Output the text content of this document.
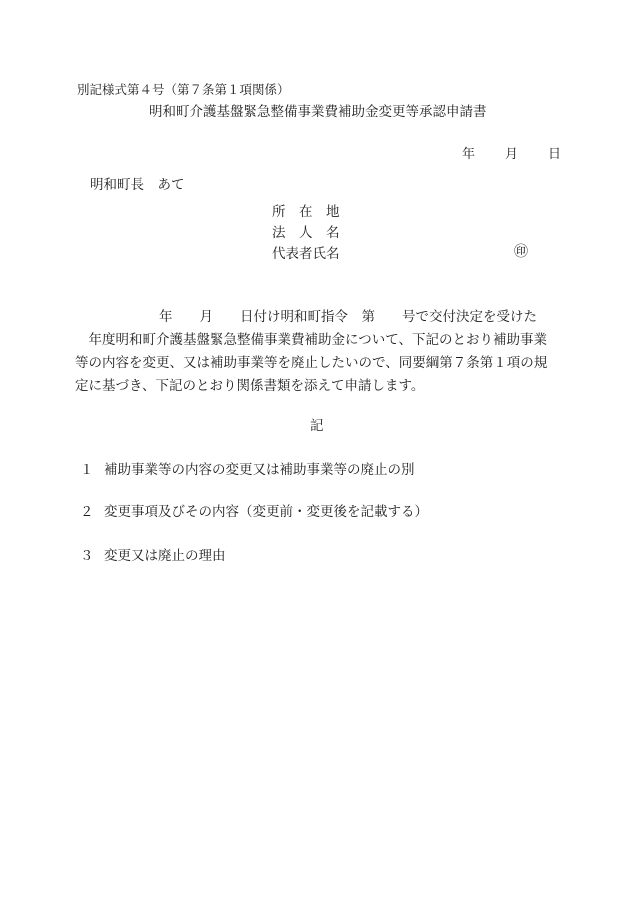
別記様式第４号（第７条第１項関係）
明和町介護基盤緊急整備事業費補助金変更等承認申請書
年 月 日
明和町長　あて
所　在　地
法　人　名
代表者氏名	㊞
年　　月　　日付け明和町指令　第　　号で交付決定を受けた
　年度明和町介護基盤緊急整備事業費補助金について、下記のとおり補助事業
等の内容を変更、又は補助事業等を廃止したいので、同要綱第７条第１項の規
定に基づき、下記のとおり関係書類を添えて申請します。
記
１ 補助事業等の内容の変更又は補助事業等の廃止の別
２ 変更事項及びその内容（変更前・変更後を記載する）
３ 変更又は廃止の理由
